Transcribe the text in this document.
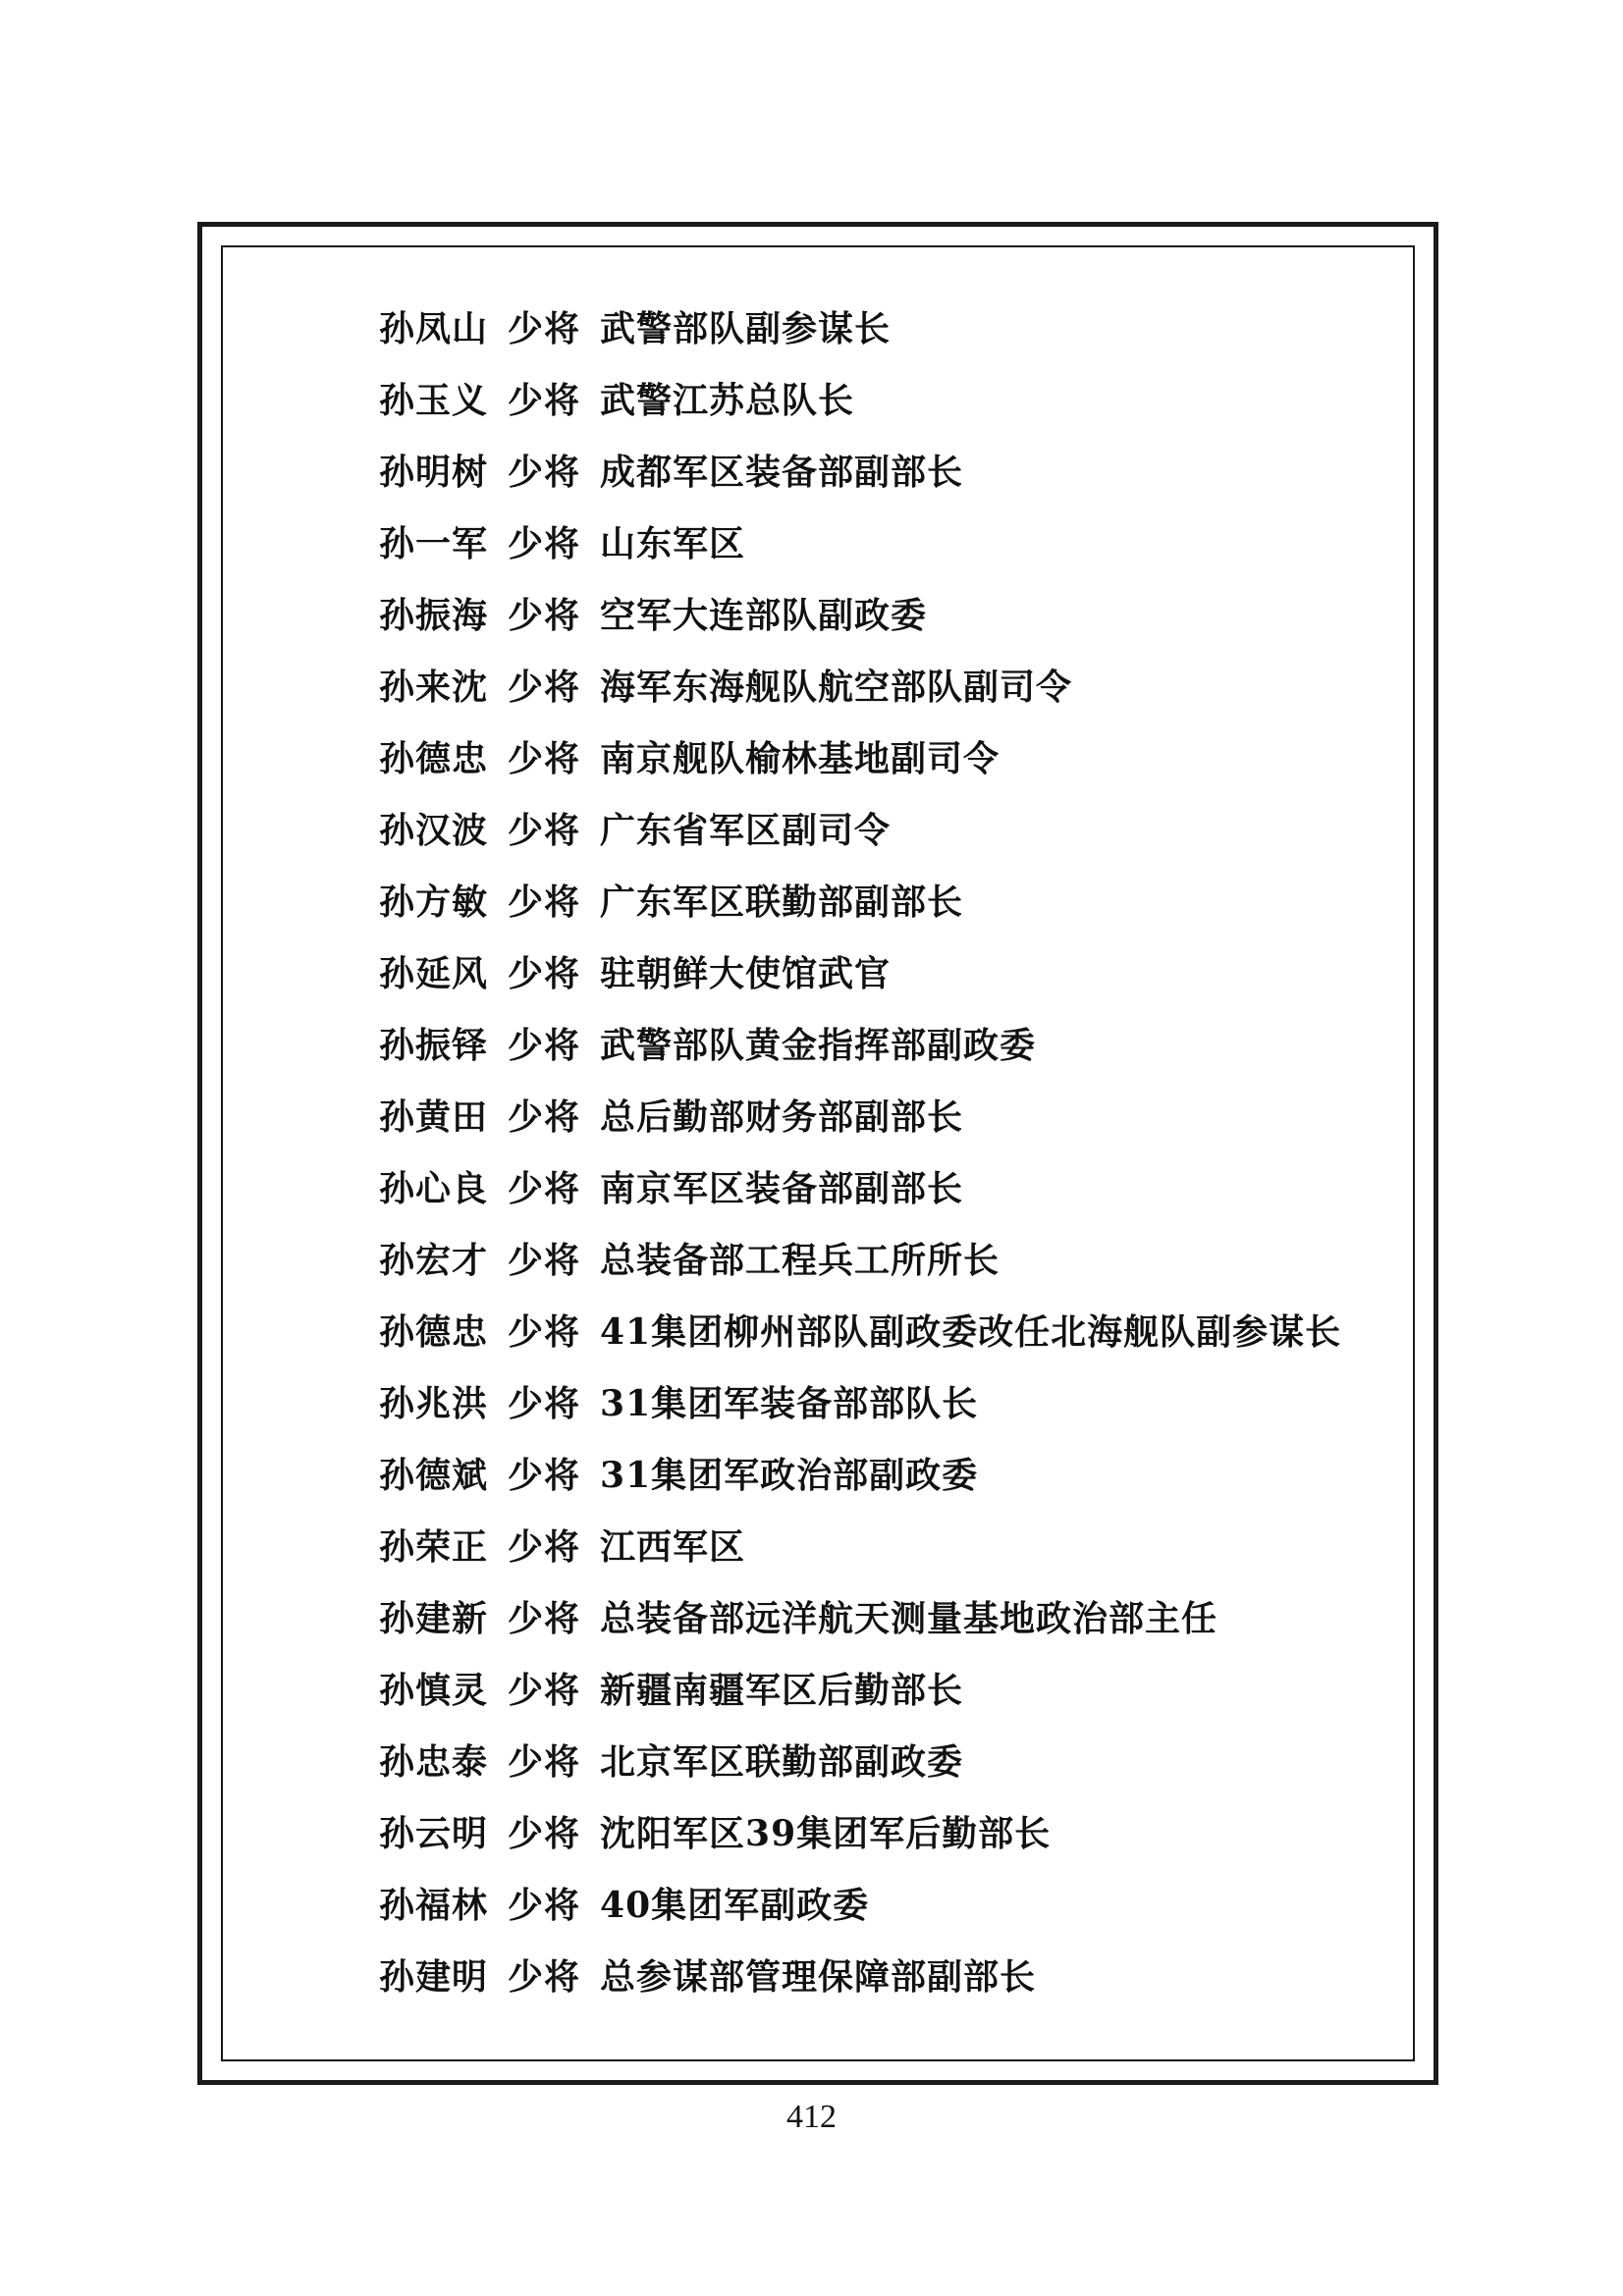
孙凤山 少将 武警部队副参谋长
孙玉义 少将 武警江苏总队长
孙明树 少将 成都军区装备部副部长
孙一军 少将 山东军区
孙振海 少将 空军大连部队副政委
孙来沈 少将 海军东海舰队航空部队副司令
孙德忠 少将 南京舰队榆林基地副司令
孙汉波 少将 广东省军区副司令
孙方敏 少将 广东军区联勤部副部长
孙延风 少将 驻朝鲜大使馆武官
孙振铎 少将 武警部队黄金指挥部副政委
孙黄田 少将 总后勤部财务部副部长
孙心良 少将 南京军区装备部副部长
孙宏才 少将 总装备部工程兵工所所长
孙德忠 少将 41集团柳州部队副政委改任北海舰队副参谋长
孙兆洪 少将 31集团军装备部部队长
孙德斌 少将 31集团军政治部副政委
孙荣正 少将 江西军区
孙建新 少将 总装备部远洋航天测量基地政治部主任
孙慎灵 少将 新疆南疆军区后勤部长
孙忠泰 少将 北京军区联勤部副政委
孙云明 少将 沈阳军区39集团军后勤部长
孙福林 少将 40集团军副政委
孙建明 少将 总参谋部管理保障部副部长
412
